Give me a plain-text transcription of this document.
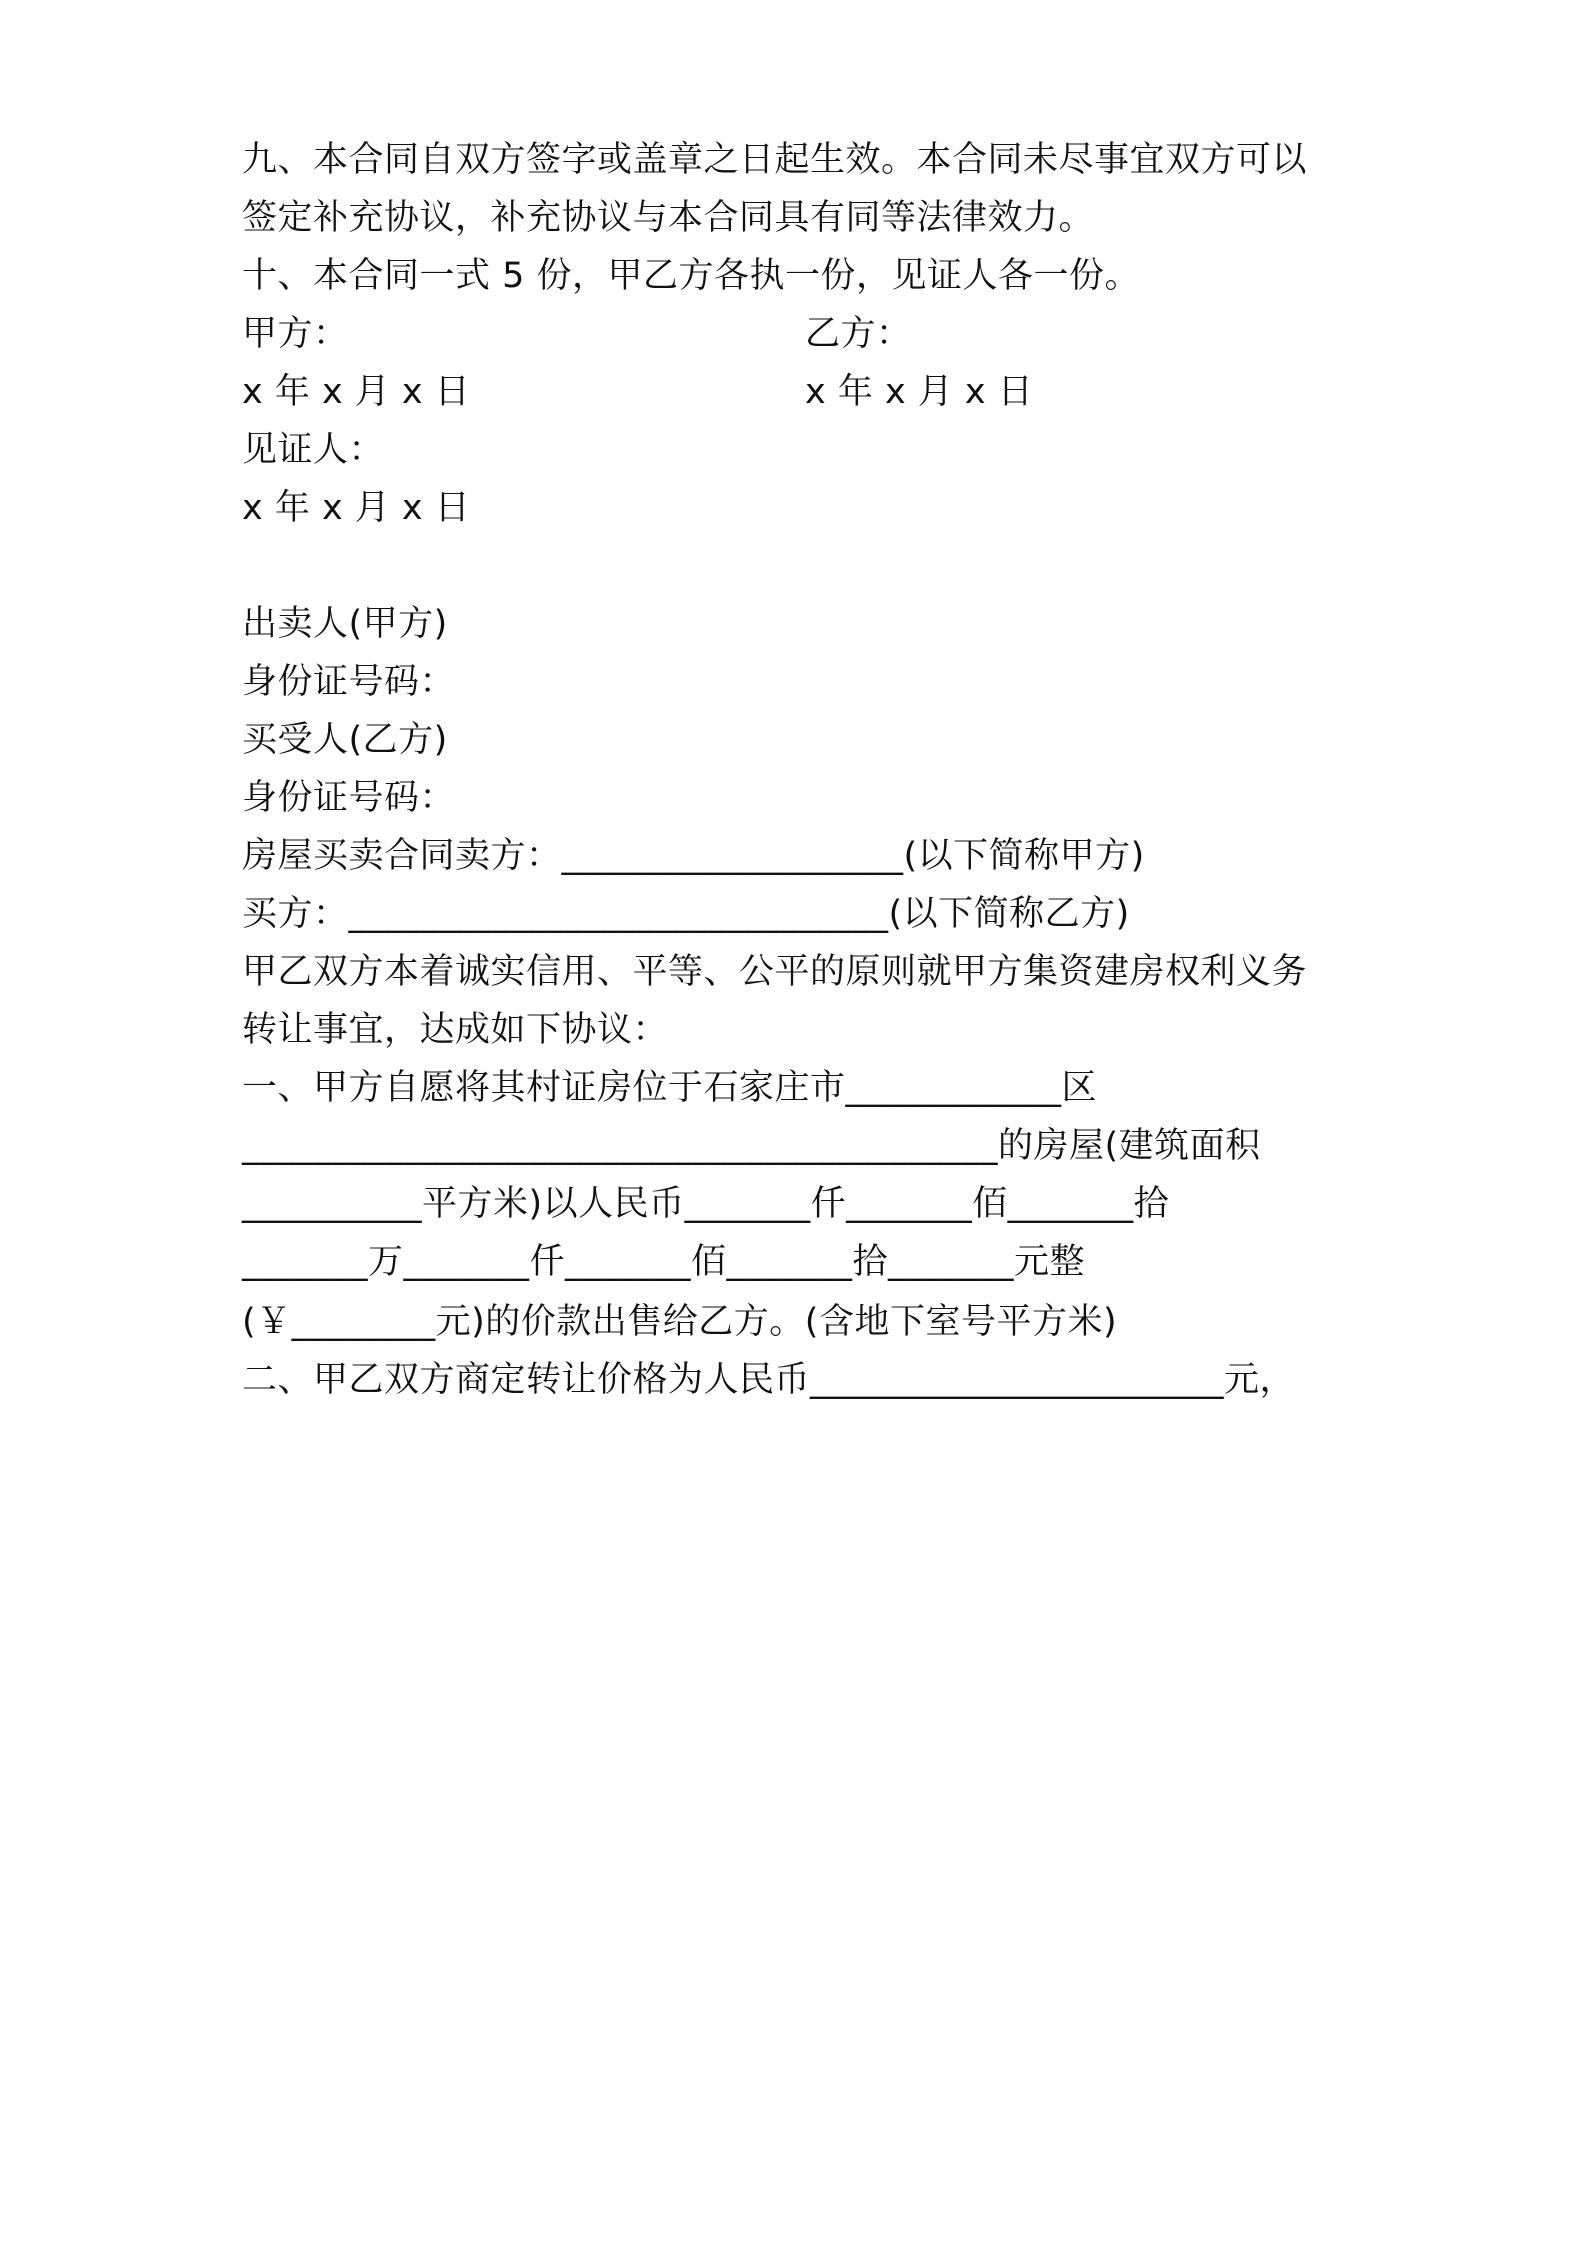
九、本合同自双方签字或盖章之日起生效。本合同未尽事宜双方可以
签定补充协议，补充协议与本合同具有同等法律效力。
十、本合同一式 5 份，甲乙方各执一份，见证人各一份。
甲方：	乙方：
x 年 x 月 x 日	x 年 x 月 x 日
见证人：
x 年 x 月 x 日
出卖人(甲方)
身份证号码：
买受人(乙方)
身份证号码：
房屋买卖合同卖方：___________________(以下简称甲方)
买方：______________________________(以下简称乙方)
甲乙双方本着诚实信用、平等、公平的原则就甲方集资建房权利义务
转让事宜，达成如下协议：
一、甲方自愿将其村证房位于石家庄市____________区
__________________________________________的房屋(建筑面积
__________平方米)以人民币_______仟_______佰_______拾
_______万_______仟_______佰_______拾_______元整
(￥________元)的价款出售给乙方。(含地下室号平方米)
二、甲乙双方商定转让价格为人民币_______________________元，
